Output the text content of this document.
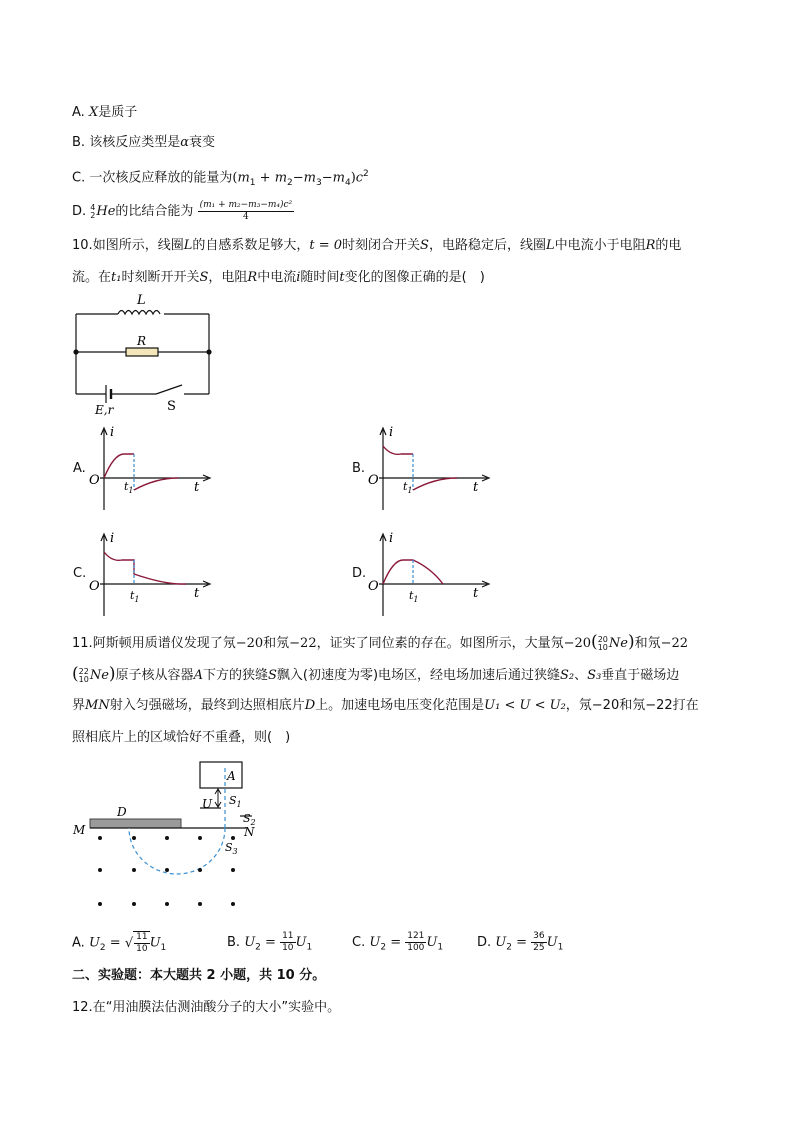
A. X是质子
B. 该核反应类型是α衰变
C. 一次核反应释放的能量为$(m_1 + m_2-m_3-m_4)c^2$
D. 4
2 He的比结合能为 $\frac{\text{(m₁ + m₂−m₃−m₄)c²}}{4}$
10.如图所示，线圈L的自感系数足够大，t = 0时刻闭合开关S，电路稳定后，线圈L中电流小于电阻R的电
流。在t₁时刻断开开关S，电阻R中电流i随时间t变化的图像正确的是(　)
L
R
E,r	S
A.	B.
C.	D.
i
O	t
$t_1$
i
O	t
$t_1$
i
O	t
$t_1$
i
O	t
$t_1$
11.阿斯顿用质谱仪发现了氖−20和氖−22，证实了同位素的存在。如图所示，大量氖−20( 20
10 Ne)和氖−22
( 22
10 Ne)原子核从容器A下方的狭缝S飘入(初速度为零)电场区，经电场加速后通过狭缝S₂、S₃垂直于磁场边
界MN射入匀强磁场，最终到达照相底片D上。加速电场电压变化范围是U₁ < U < U₂，氖−20和氖−22打在
照相底片上的区域恰好不重叠，则(　)
A
U $S_1$
$S_2$
D
M	N
$S_3$
A. $U_2$ = √ $\frac{11}{10} U_1$	B. $U_2 = \frac{11}{10} U_1$	C. $U_2 = \frac{121}{100} U_1$	D. $U_2 = \frac{36}{25} U_1$
二、实验题：本大题共 2 小题，共 10 分。
12.在“用油膜法估测油酸分子的大小”实验中。
